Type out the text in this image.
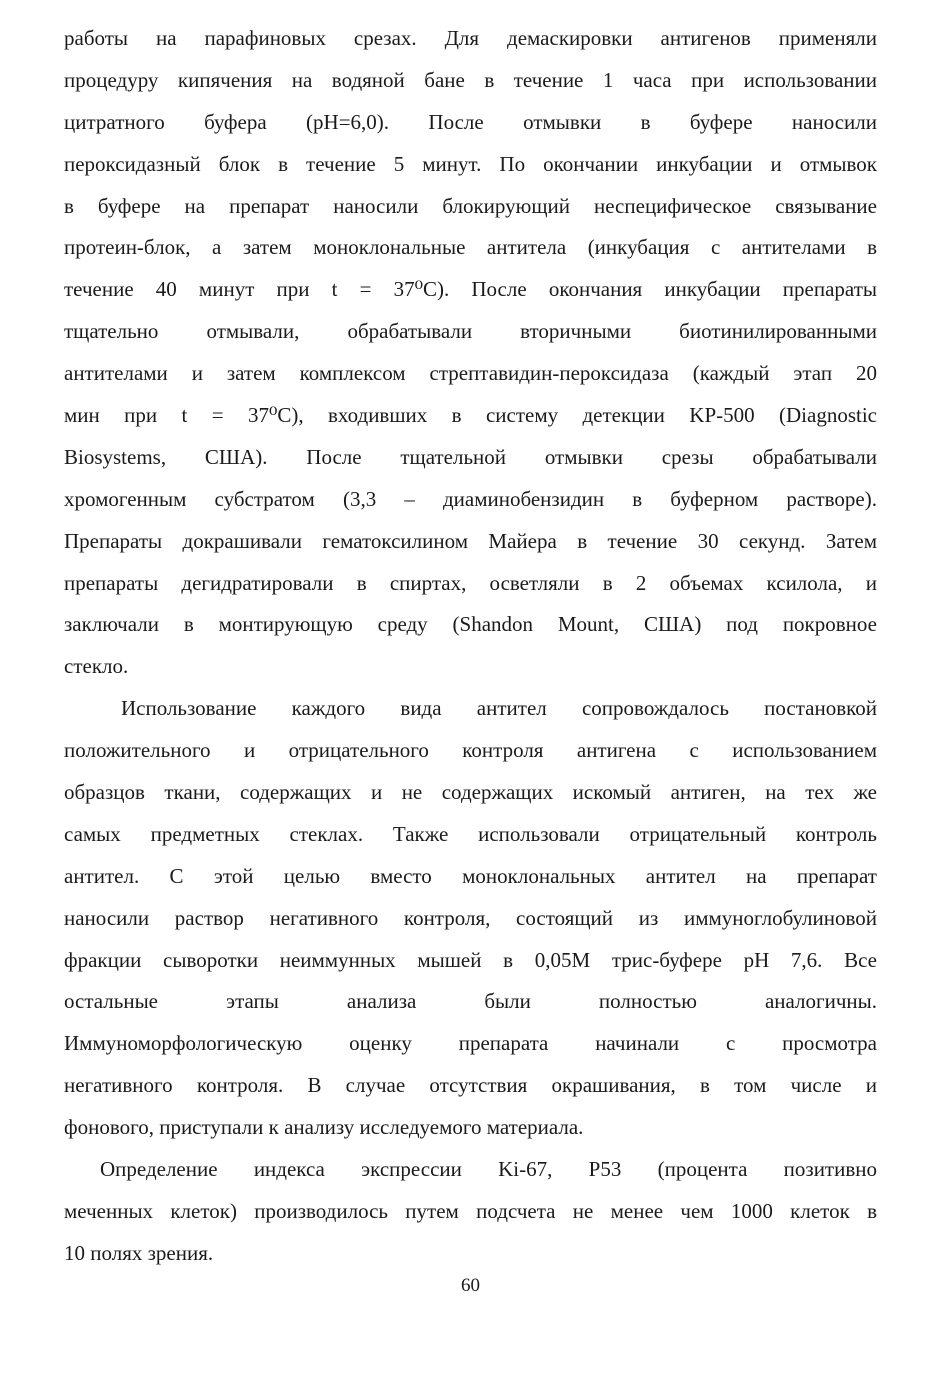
работы на парафиновых срезах. Для демаскировки антигенов применяли
процедуру кипячения на водяной бане в течение 1 часа при использовании
цитратного буфера (pH=6,0). После отмывки в буфере наносили
пероксидазный блок в течение 5 минут. По окончании инкубации и отмывок
в буфере на препарат наносили блокирующий неспецифическое связывание
протеин-блок, а затем моноклональные антитела (инкубация с антителами в
течение 40 минут при t = 37⁰С). После окончания инкубации препараты
тщательно отмывали, обрабатывали вторичными биотинилированными
антителами и затем комплексом стрептавидин-пероксидаза (каждый этап 20
мин при t = 37⁰С), входивших в систему детекции KP-500 (Diagnostic
Biosystems, США). После тщательной отмывки срезы обрабатывали
хромогенным субстратом (3,3 – диаминобензидин в буферном растворе).
Препараты докрашивали гематоксилином Майера в течение 30 секунд. Затем
препараты дегидратировали в спиртах, осветляли в 2 объемах ксилола, и
заключали в монтирующую среду (Shandon Mount, США) под покровное
стекло.
Использование каждого вида антител сопровождалось постановкой
положительного и отрицательного контроля антигена с использованием
образцов ткани, содержащих и не содержащих искомый антиген, на тех же
самых предметных стеклах. Также использовали отрицательный контроль
антител. С этой целью вместо моноклональных антител на препарат
наносили раствор негативного контроля, состоящий из иммуноглобулиновой
фракции сыворотки неиммунных мышей в 0,05М трис-буфере pH 7,6. Все
остальные этапы анализа были полностью аналогичны.
Иммуноморфологическую оценку препарата начинали с просмотра
негативного контроля. В случае отсутствия окрашивания, в том числе и
фонового, приступали к анализу исследуемого материала.
Определение индекса экспрессии Ki-67, P53 (процента позитивно
меченных клеток) производилось путем подсчета не менее чем 1000 клеток в
10 полях зрения.
60
